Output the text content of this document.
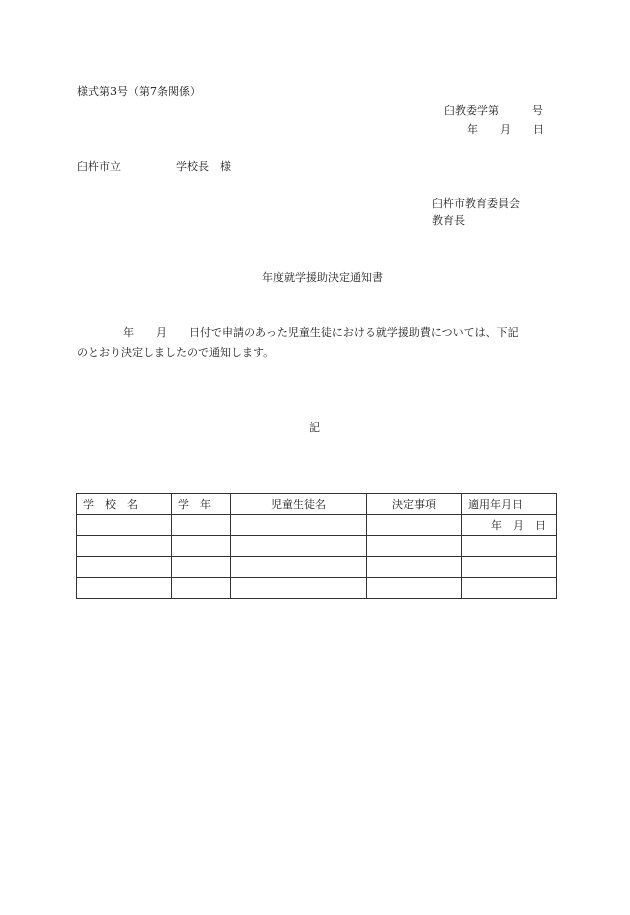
様式第3号（第7条関係）
臼教委学第　　　号
年　　月　　日
臼杵市立　　　　　学校長　様
臼杵市教育委員会
教育長
年度就学援助決定通知書
年　　月　　日付で申請のあった児童生徒における就学援助費については、下記
のとおり決定しましたので通知します。
記
学　校　名	学　年	児童生徒名	決定事項	適用年月日
				年　月　日
